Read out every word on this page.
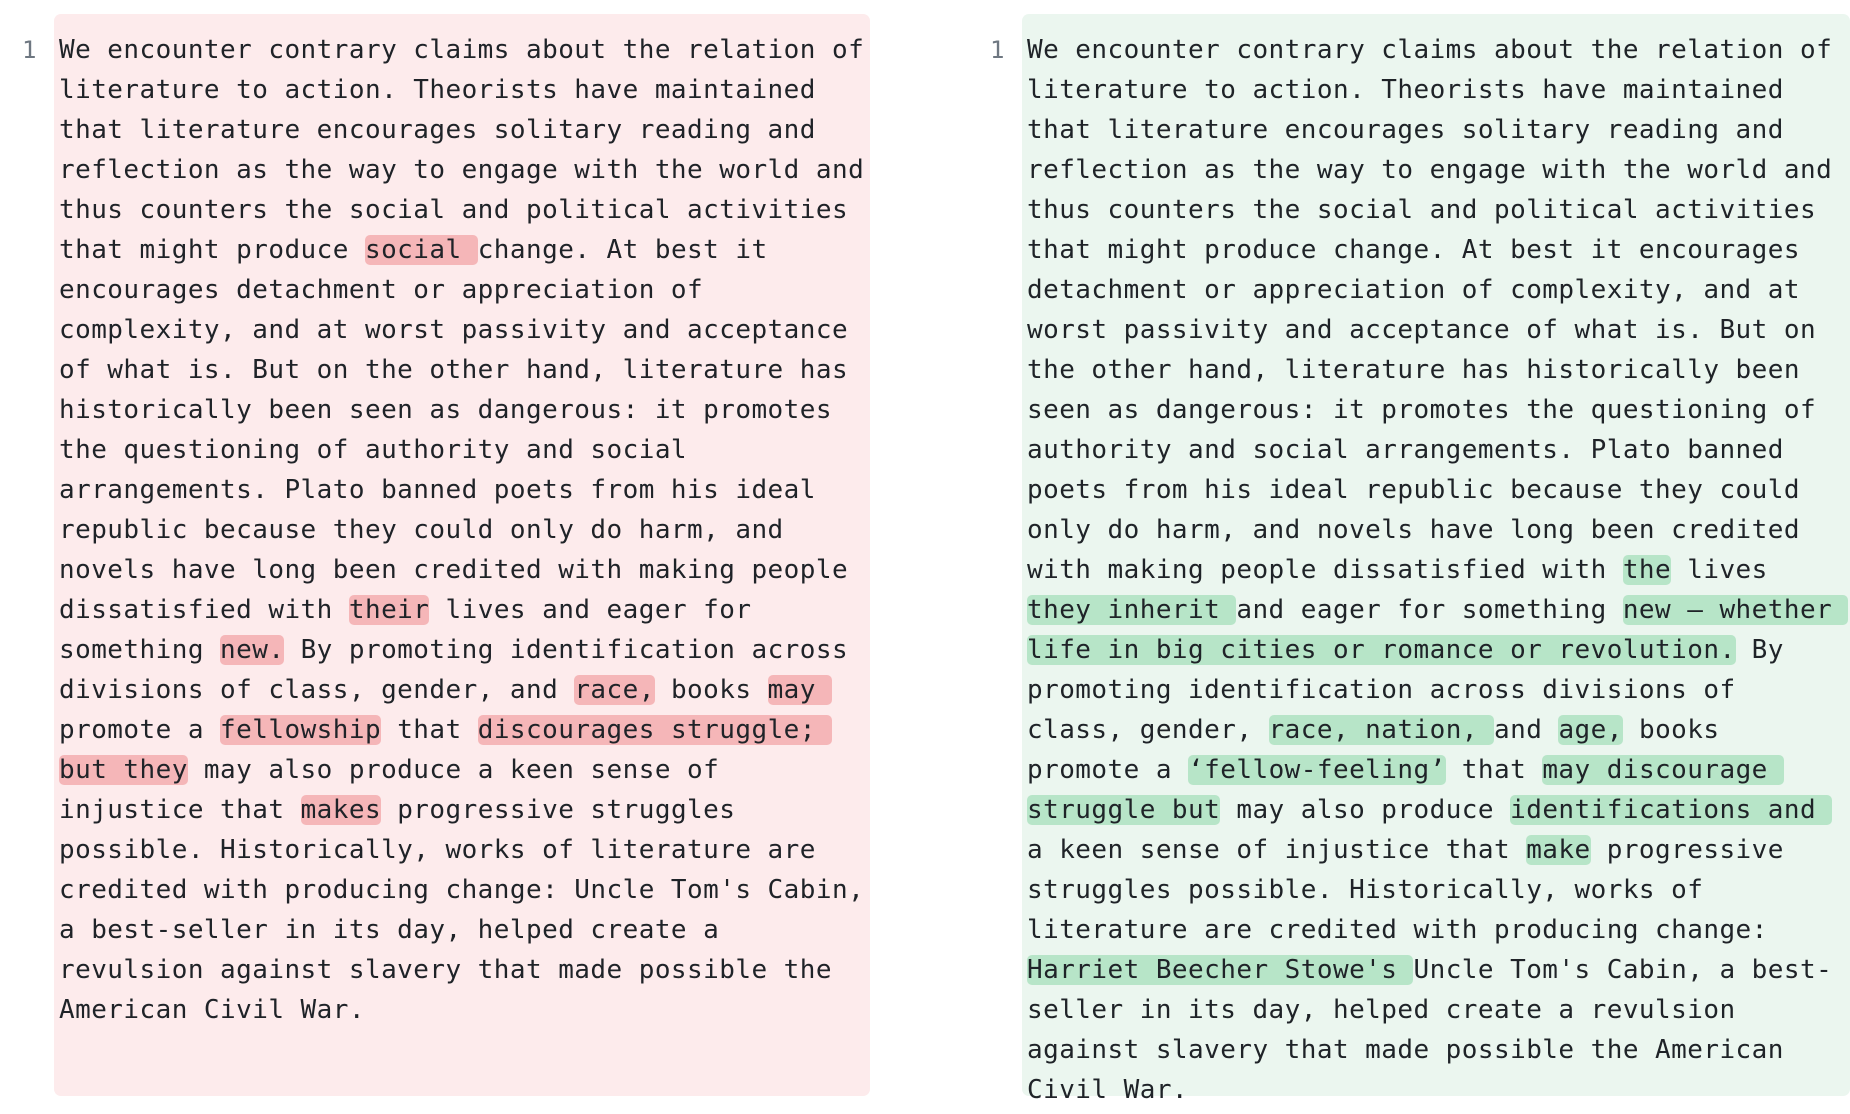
1 We encounter contrary claims about the relation of
literature to action. Theorists have maintained
that literature encourages solitary reading and
reflection as the way to engage with the world and
thus counters the social and political activities
that might produce social change. At best it
encourages detachment or appreciation of
complexity, and at worst passivity and acceptance
of what is. But on the other hand, literature has
historically been seen as dangerous: it promotes
the questioning of authority and social
arrangements. Plato banned poets from his ideal
republic because they could only do harm, and
novels have long been credited with making people
dissatisfied with their lives and eager for
something new. By promoting identification across
divisions of class, gender, and race, books may
promote a fellowship that discourages struggle;
but they may also produce a keen sense of
injustice that makes progressive struggles
possible. Historically, works of literature are
credited with producing change: Uncle Tom's Cabin,
a best-seller in its day, helped create a
revulsion against slavery that made possible the
American Civil War.
1 We encounter contrary claims about the relation of
literature to action. Theorists have maintained
that literature encourages solitary reading and
reflection as the way to engage with the world and
thus counters the social and political activities
that might produce change. At best it encourages
detachment or appreciation of complexity, and at
worst passivity and acceptance of what is. But on
the other hand, literature has historically been
seen as dangerous: it promotes the questioning of
authority and social arrangements. Plato banned
poets from his ideal republic because they could
only do harm, and novels have long been credited
with making people dissatisfied with the lives
they inherit and eager for something new — whether
life in big cities or romance or revolution. By
promoting identification across divisions of
class, gender, race, nation, and age, books
promote a ‘fellow-feeling’ that may discourage
struggle but may also produce identifications and
a keen sense of injustice that make progressive
struggles possible. Historically, works of
literature are credited with producing change:
Harriet Beecher Stowe's Uncle Tom's Cabin, a best-
seller in its day, helped create a revulsion
against slavery that made possible the American
Civil War.
